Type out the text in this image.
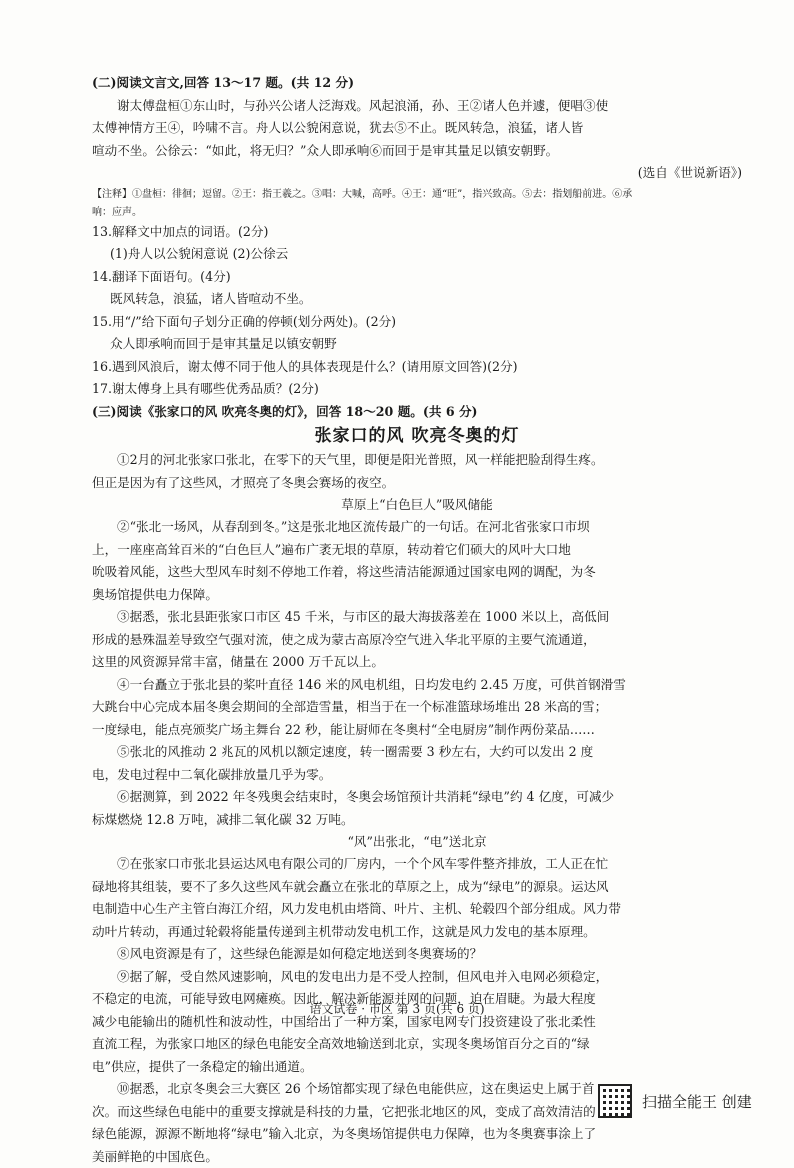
(二)阅读文言文,回答 13～17 题。(共 12 分)

谢太傅盘桓①东山时，与孙兴公诸人泛海戏。风起浪涌，孙、王②诸人色并遽，便唱③使

太傅神情方王④，吟啸不言。舟人以公貌闲意说，犹去⑤不止。既风转急，浪猛，诸人皆

喧动不坐。公徐云：“如此，将无归？”众人即承响⑥而回于是审其量足以镇安朝野。

(选自《世说新语》)

【注释】①盘桓：徘徊；逗留。②王：指王羲之。③唱：大喊，高呼。④王：通“旺”，指兴致高。⑤去：指划船前进。⑥承

响：应声。

13.解释文中加点的词语。(2分)

(1)舟人以公貌闲意说 (2)公徐云

14.翻译下面语句。(4分)

既风转急，浪猛，诸人皆喧动不坐。

15.用“/”给下面句子划分正确的停顿(划分两处)。(2分)

众人即承响而回于是审其量足以镇安朝野

16.遇到风浪后，谢太傅不同于他人的具体表现是什么？(请用原文回答)(2分)

17.谢太傅身上具有哪些优秀品质？(2分)

(三)阅读《张家口的风 吹亮冬奥的灯》，回答 18～20 题。(共 6 分)

张家口的风 吹亮冬奥的灯

①2月的河北张家口张北，在零下的天气里，即便是阳光普照，风一样能把脸刮得生疼。

但正是因为有了这些风，才照亮了冬奥会赛场的夜空。

草原上“白色巨人”吸风储能

②“张北一场风，从春刮到冬。”这是张北地区流传最广的一句话。在河北省张家口市坝

上，一座座高耸百米的“白色巨人”遍布广袤无垠的草原，转动着它们硕大的风叶大口地

吮吸着风能，这些大型风车时刻不停地工作着，将这些清洁能源通过国家电网的调配，为冬

奥场馆提供电力保障。

③据悉，张北县距张家口市区 45 千米，与市区的最大海拔落差在 1000 米以上，高低间

形成的悬殊温差导致空气强对流，使之成为蒙古高原冷空气进入华北平原的主要气流通道，

这里的风资源异常丰富，储量在 2000 万千瓦以上。

④一台矗立于张北县的桨叶直径 146 米的风电机组，日均发电约 2.45 万度，可供首钢滑雪

大跳台中心完成本届冬奥会期间的全部造雪量，相当于在一个标准篮球场堆出 28 米高的雪；

一度绿电，能点亮颁奖广场主舞台 22 秒，能让厨师在冬奥村“全电厨房”制作两份菜品……

⑤张北的风推动 2 兆瓦的风机以额定速度，转一圈需要 3 秒左右，大约可以发出 2 度

电，发电过程中二氧化碳排放量几乎为零。

⑥据测算，到 2022 年冬残奥会结束时，冬奥会场馆预计共消耗“绿电”约 4 亿度，可减少

标煤燃烧 12.8 万吨，减排二氧化碳 32 万吨。

“风”出张北，“电”送北京

⑦在张家口市张北县运达风电有限公司的厂房内，一个个风车零件整齐排放，工人正在忙

碌地将其组装，要不了多久这些风车就会矗立在张北的草原之上，成为“绿电”的源泉。运达风

电制造中心生产主管白海江介绍，风力发电机由塔筒、叶片、主机、轮毂四个部分组成。风力带

动叶片转动，再通过轮毂将能量传递到主机带动发电机工作，这就是风力发电的基本原理。

⑧风电资源是有了，这些绿色能源是如何稳定地送到冬奥赛场的？

⑨据了解，受自然风速影响，风电的发电出力是不受人控制，但风电并入电网必须稳定，

不稳定的电流，可能导致电网瘫痪。因此，解决新能源并网的问题，迫在眉睫。为最大程度

减少电能输出的随机性和波动性，中国给出了一种方案，国家电网专门投资建设了张北柔性

直流工程，为张家口地区的绿色电能安全高效地输送到北京，实现冬奥场馆百分之百的“绿

电”供应，提供了一条稳定的输出通道。

⑩据悉，北京冬奥会三大赛区 26 个场馆都实现了绿色电能供应，这在奥运史上属于首

次。而这些绿色电能中的重要支撑就是科技的力量，它把张北地区的风，变成了高效清洁的

绿色能源，源源不断地将“绿电”输入北京，为冬奥场馆提供电力保障，也为冬奥赛事涂上了

美丽鲜艳的中国底色。

语文试卷 · 市区 第 3 页(共 6 页)
扫描全能王 创建
